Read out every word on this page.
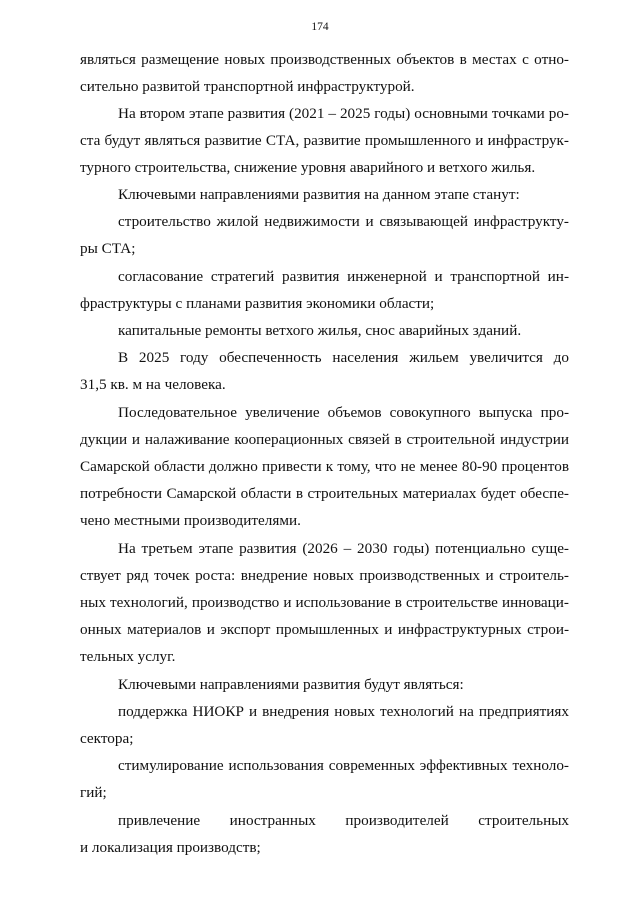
174
являться размещение новых производственных объектов в местах с отно-
сительно развитой транспортной инфраструктурой.
На втором этапе развития (2021 – 2025 годы) основными точками ро-
ста будут являться развитие СТА, развитие промышленного и инфраструк-
турного строительства, снижение уровня аварийного и ветхого жилья.
Ключевыми направлениями развития на данном этапе станут:
строительство жилой недвижимости и связывающей инфраструкту-
ры СТА;
согласование стратегий развития инженерной и транспортной ин-
фраструктуры с планами развития экономики области;
капитальные ремонты ветхого жилья, снос аварийных зданий.
В 2025 году обеспеченность населения жильем увеличится до
31,5 кв. м на человека.
Последовательное увеличение объемов совокупного выпуска про-
дукции и налаживание кооперационных связей в строительной индустрии
Самарской области должно привести к тому, что не менее 80-90 процентов
потребности Самарской области в строительных материалах будет обеспе-
чено местными производителями.
На третьем этапе развития (2026 – 2030 годы) потенциально суще-
ствует ряд точек роста: внедрение новых производственных и строитель-
ных технологий, производство и использование в строительстве инноваци-
онных материалов и экспорт промышленных и инфраструктурных строи-
тельных услуг.
Ключевыми направлениями развития будут являться:
поддержка НИОКР и внедрения новых технологий на предприятиях
сектора;
стимулирование использования современных эффективных техноло-
гий;
привлечение иностранных производителей строительных
и локализация производств;
